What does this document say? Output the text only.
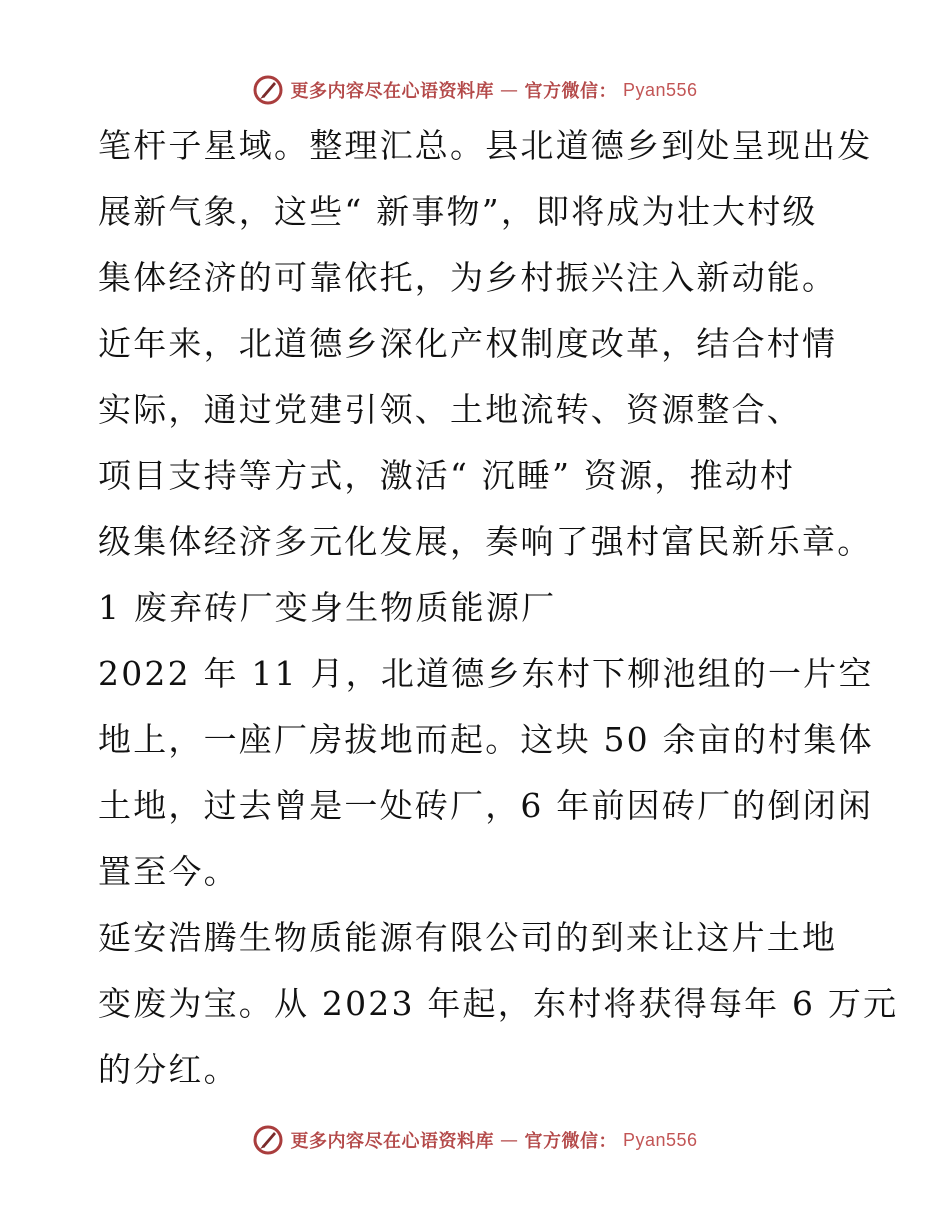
更多内容尽在心语资料库 — 官方微信： Pyan556
笔杆子星域。整理汇总。县北道德乡到处呈现出发
展新气象，这些“ 新事物”，即将成为壮大村级
集体经济的可靠依托，为乡村振兴注入新动能。
近年来，北道德乡深化产权制度改革，结合村情
实际，通过党建引领、土地流转、资源整合、
项目支持等方式，激活“ 沉睡” 资源，推动村
级集体经济多元化发展，奏响了强村富民新乐章。
1 废弃砖厂变身生物质能源厂
2022 年 11 月，北道德乡东村下柳池组的一片空
地上，一座厂房拔地而起。这块 50 余亩的村集体
土地，过去曾是一处砖厂，6 年前因砖厂的倒闭闲
置至今。
延安浩腾生物质能源有限公司的到来让这片土地
变废为宝。从 2023 年起，东村将获得每年 6 万元
的分红。
更多内容尽在心语资料库 — 官方微信： Pyan556
